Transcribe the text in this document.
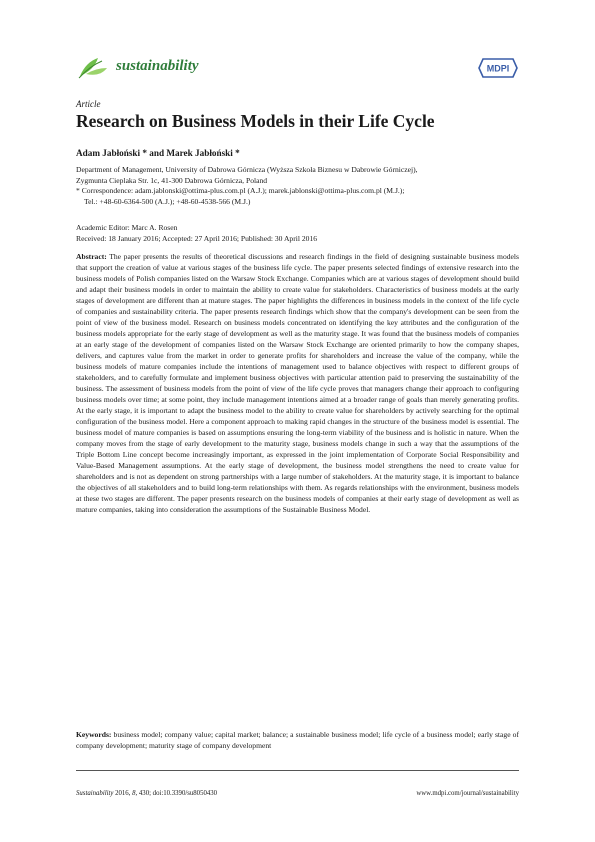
sustainability	MDPI
Article
Research on Business Models in their Life Cycle
Adam Jabłoński * and Marek Jabłoński *
Department of Management, University of Dabrowa Górnicza (Wyższa Szkoła Biznesu w Dabrowie Górniczej),
Zygmunta Cieplaka Str. 1c, 41-300 Dabrowa Górnicza, Poland
* Correspondence: adam.jablonski@ottima-plus.com.pl (A.J.); marek.jablonski@ottima-plus.com.pl (M.J.);
Tel.: +48-60-6364-500 (A.J.); +48-60-4538-566 (M.J.)
Academic Editor: Marc A. Rosen
Received: 18 January 2016; Accepted: 27 April 2016; Published: 30 April 2016

Abstract: The paper presents the results of theoretical discussions and research findings in the field of designing sustainable business models that support the creation of value at various stages of the business life cycle. The paper presents selected findings of extensive research into the business models of Polish companies listed on the Warsaw Stock Exchange. Companies which are at various stages of development should build and adapt their business models in order to maintain the ability to create value for stakeholders. Characteristics of business models at the early stages of development are different than at mature stages. The paper highlights the differences in business models in the context of the life cycle of companies and sustainability criteria. The paper presents research findings which show that the company's development can be seen from the point of view of the business model. Research on business models concentrated on identifying the key attributes and the configuration of the business models appropriate for the early stage of development as well as the maturity stage. It was found that the business models of companies at an early stage of the development of companies listed on the Warsaw Stock Exchange are oriented primarily to how the company shapes, delivers, and captures value from the market in order to generate profits for shareholders and increase the value of the company, while the business models of mature companies include the intentions of management used to balance objectives with respect to different groups of stakeholders, and to carefully formulate and implement business objectives with particular attention paid to preserving the sustainability of the business. The assessment of business models from the point of view of the life cycle proves that managers change their approach to configuring business models over time; at some point, they include management intentions aimed at a broader range of goals than merely generating profits. At the early stage, it is important to adapt the business model to the ability to create value for shareholders by actively searching for the optimal configuration of the business model. Here a component approach to making rapid changes in the structure of the business model is essential. The business model of mature companies is based on assumptions ensuring the long-term viability of the business and is holistic in nature. When the company moves from the stage of early development to the maturity stage, business models change in such a way that the assumptions of the Triple Bottom Line concept become increasingly important, as expressed in the joint implementation of Corporate Social Responsibility and Value-Based Management assumptions. At the early stage of development, the business model strengthens the need to create value for shareholders and is not as dependent on strong partnerships with a large number of stakeholders. At the maturity stage, it is important to balance the objectives of all stakeholders and to build long-term relationships with them. As regards relationships with the environment, business models at these two stages are different. The paper presents research on the business models of companies at their early stage of development as well as mature companies, taking into consideration the assumptions of the Sustainable Business Model.

Keywords: business model; company value; capital market; balance; a sustainable business model; life cycle of a business model; early stage of company development; maturity stage of company development

Sustainability 2016, 8, 430; doi:10.3390/su8050430	www.mdpi.com/journal/sustainability
